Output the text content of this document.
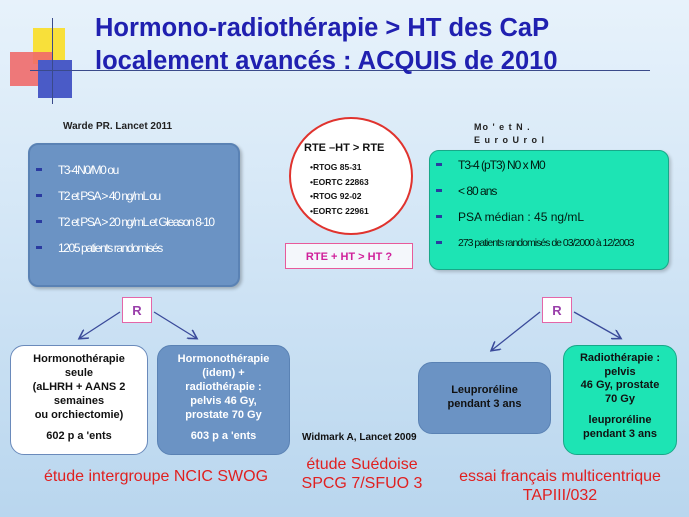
Hormono-radiothérapie > HT des CaP
localement avancés : ACQUIS de 2010
Warde PR. Lancet 2011
T3-4N0/M0 ou
T2 et PSA > 40 ng/mL ou
T2 et PSA > 20 ng/mL et Gleason 8-10
1205 patients randomisés
R
Hormonothérapie
seule
(aLHRH + AANS 2
semaines
ou orchiectomie)
602 p a 'ents
Hormonothérapie
(idem) +
radiothérapie :
pelvis 46 Gy,
prostate 70 Gy
603 p a 'ents
étude intergroupe NCIC SWOG
RTE –HT > RTE
• RTOG 85-31
• EORTC 22863
• RTOG 92-02
• EORTC 22961
RTE + HT > HT ?
Widmark A, Lancet 2009
étude Suédoise
SPCG 7/SFUO 3
Mo ' e t N .
E u r o U r o l
T3-4 (pT3) N0 x M0
< 80 ans
PSA médian : 45 ng/mL
273 patients randomisés de 03/2000 à 12/2003
R
Leuproréline
pendant 3 ans
Radiothérapie :
pelvis
46 Gy, prostate
70 Gy
leuproréline
pendant 3 ans
essai français multicentrique
TAPIII/032
